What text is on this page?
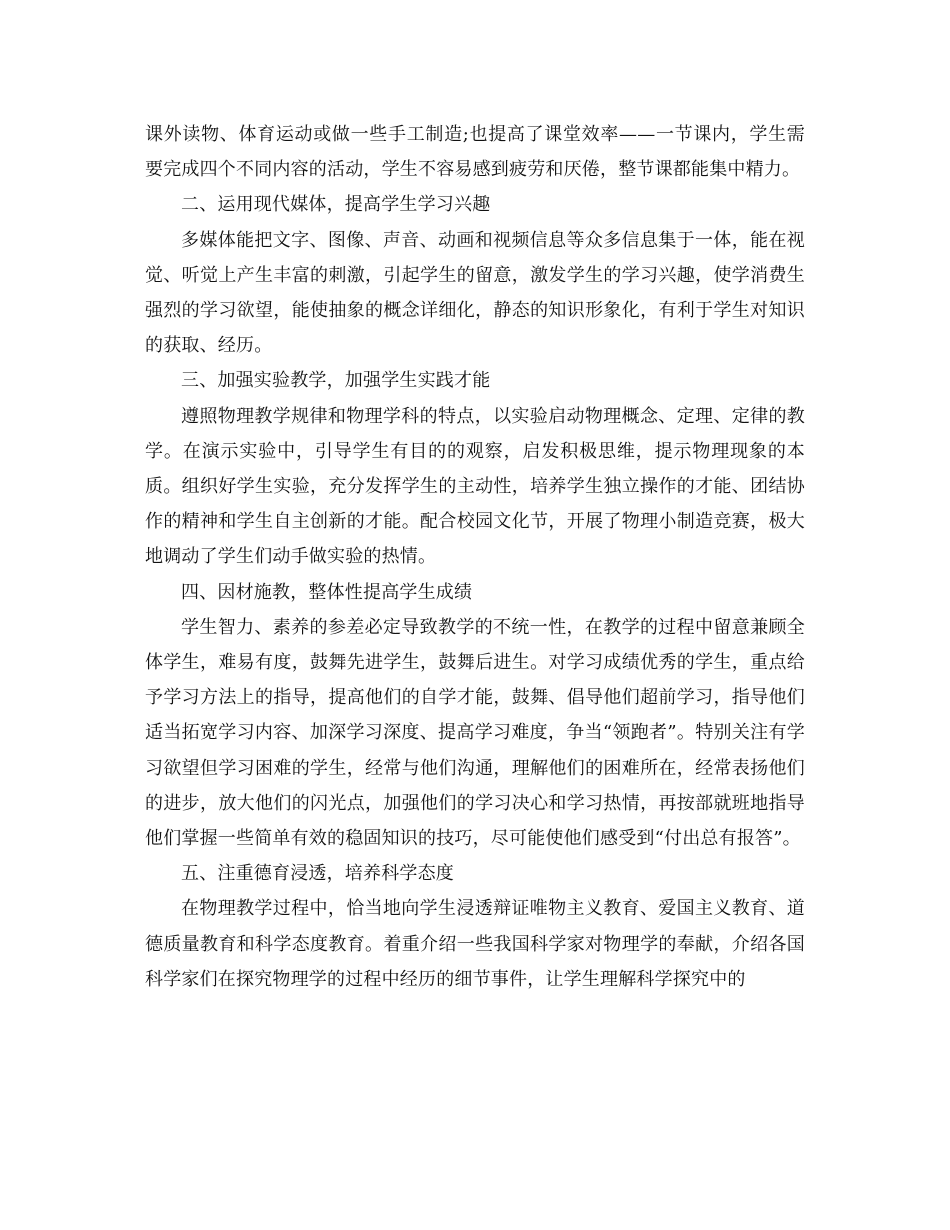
课外读物、体育运动或做一些手工制造;也提高了课堂效率——一节课内，学生需要完成四个不同内容的活动，学生不容易感到疲劳和厌倦，整节课都能集中精力。

二、运用现代媒体，提高学生学习兴趣

多媒体能把文字、图像、声音、动画和视频信息等众多信息集于一体，能在视觉、听觉上产生丰富的刺激，引起学生的留意，激发学生的学习兴趣，使学消费生强烈的学习欲望，能使抽象的概念详细化，静态的知识形象化，有利于学生对知识的获取、经历。

三、加强实验教学，加强学生实践才能

遵照物理教学规律和物理学科的特点，以实验启动物理概念、定理、定律的教学。在演示实验中，引导学生有目的的观察，启发积极思维，提示物理现象的本质。组织好学生实验，充分发挥学生的主动性，培养学生独立操作的才能、团结协作的精神和学生自主创新的才能。配合校园文化节，开展了物理小制造竞赛，极大地调动了学生们动手做实验的热情。

四、因材施教，整体性提高学生成绩

学生智力、素养的参差必定导致教学的不统一性，在教学的过程中留意兼顾全体学生，难易有度，鼓舞先进学生，鼓舞后进生。对学习成绩优秀的学生，重点给予学习方法上的指导，提高他们的自学才能，鼓舞、倡导他们超前学习，指导他们适当拓宽学习内容、加深学习深度、提高学习难度，争当“领跑者”。特别关注有学习欲望但学习困难的学生，经常与他们沟通，理解他们的困难所在，经常表扬他们的进步，放大他们的闪光点，加强他们的学习决心和学习热情，再按部就班地指导他们掌握一些简单有效的稳固知识的技巧，尽可能使他们感受到“付出总有报答”。

五、注重德育浸透，培养科学态度

在物理教学过程中，恰当地向学生浸透辩证唯物主义教育、爱国主义教育、道德质量教育和科学态度教育。着重介绍一些我国科学家对物理学的奉献，介绍各国科学家们在探究物理学的过程中经历的细节事件，让学生理解科学探究中的
